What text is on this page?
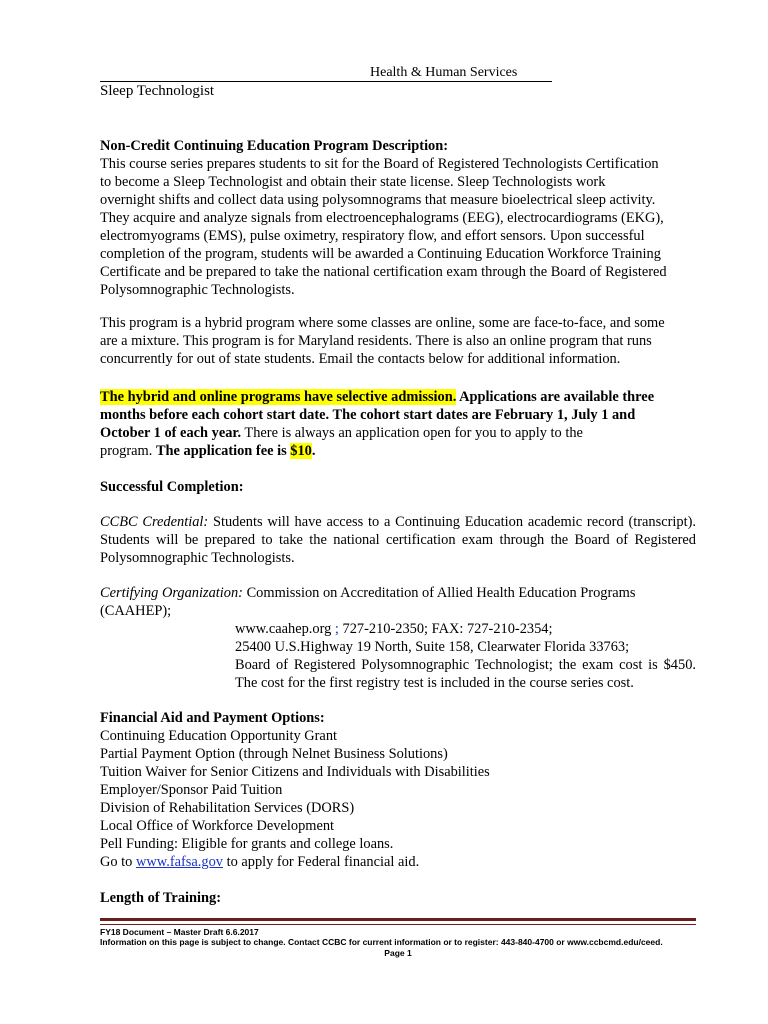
Health & Human Services
Sleep Technologist
Non-Credit Continuing Education Program Description:
This course series prepares students to sit for the Board of Registered Technologists Certification
to become a Sleep Technologist and obtain their state license. Sleep Technologists work
overnight shifts and collect data using polysomnograms that measure bioelectrical sleep activity.
They acquire and analyze signals from electroencephalograms (EEG), electrocardiograms (EKG),
electromyograms (EMS), pulse oximetry, respiratory flow, and effort sensors. Upon successful
completion of the program, students will be awarded a Continuing Education Workforce Training
Certificate and be prepared to take the national certification exam through the Board of Registered
Polysomnographic Technologists.
This program is a hybrid program where some classes are online, some are face-to-face, and some
are a mixture. This program is for Maryland residents. There is also an online program that runs
concurrently for out of state students. Email the contacts below for additional information.
The hybrid and online programs have selective admission. Applications are available three
months before each cohort start date. The cohort start dates are February 1, July 1 and
October 1 of each year. There is always an application open for you to apply to the
program. The application fee is $10.
Successful Completion:
CCBC Credential: Students will have access to a Continuing Education academic record (transcript). Students will be prepared to take the national certification exam through the Board of Registered Polysomnographic Technologists.
Certifying Organization: Commission on Accreditation of Allied Health Education Programs
(CAAHEP);
www.caahep.org ; 727-210-2350; FAX: 727-210-2354;
25400 U.S.Highway 19 North, Suite 158, Clearwater Florida 33763;
Board of Registered Polysomnographic Technologist; the exam cost is $450. The cost for the first registry test is included in the course series cost.
Financial Aid and Payment Options:
Continuing Education Opportunity Grant
Partial Payment Option (through Nelnet Business Solutions)
Tuition Waiver for Senior Citizens and Individuals with Disabilities
Employer/Sponsor Paid Tuition
Division of Rehabilitation Services (DORS)
Local Office of Workforce Development
Pell Funding: Eligible for grants and college loans.
Go to www.fafsa.gov to apply for Federal financial aid.
Length of Training:
FY18 Document – Master Draft 6.6.2017
Information on this page is subject to change. Contact CCBC for current information or to register: 443-840-4700 or www.ccbcmd.edu/ceed.
Page 1
